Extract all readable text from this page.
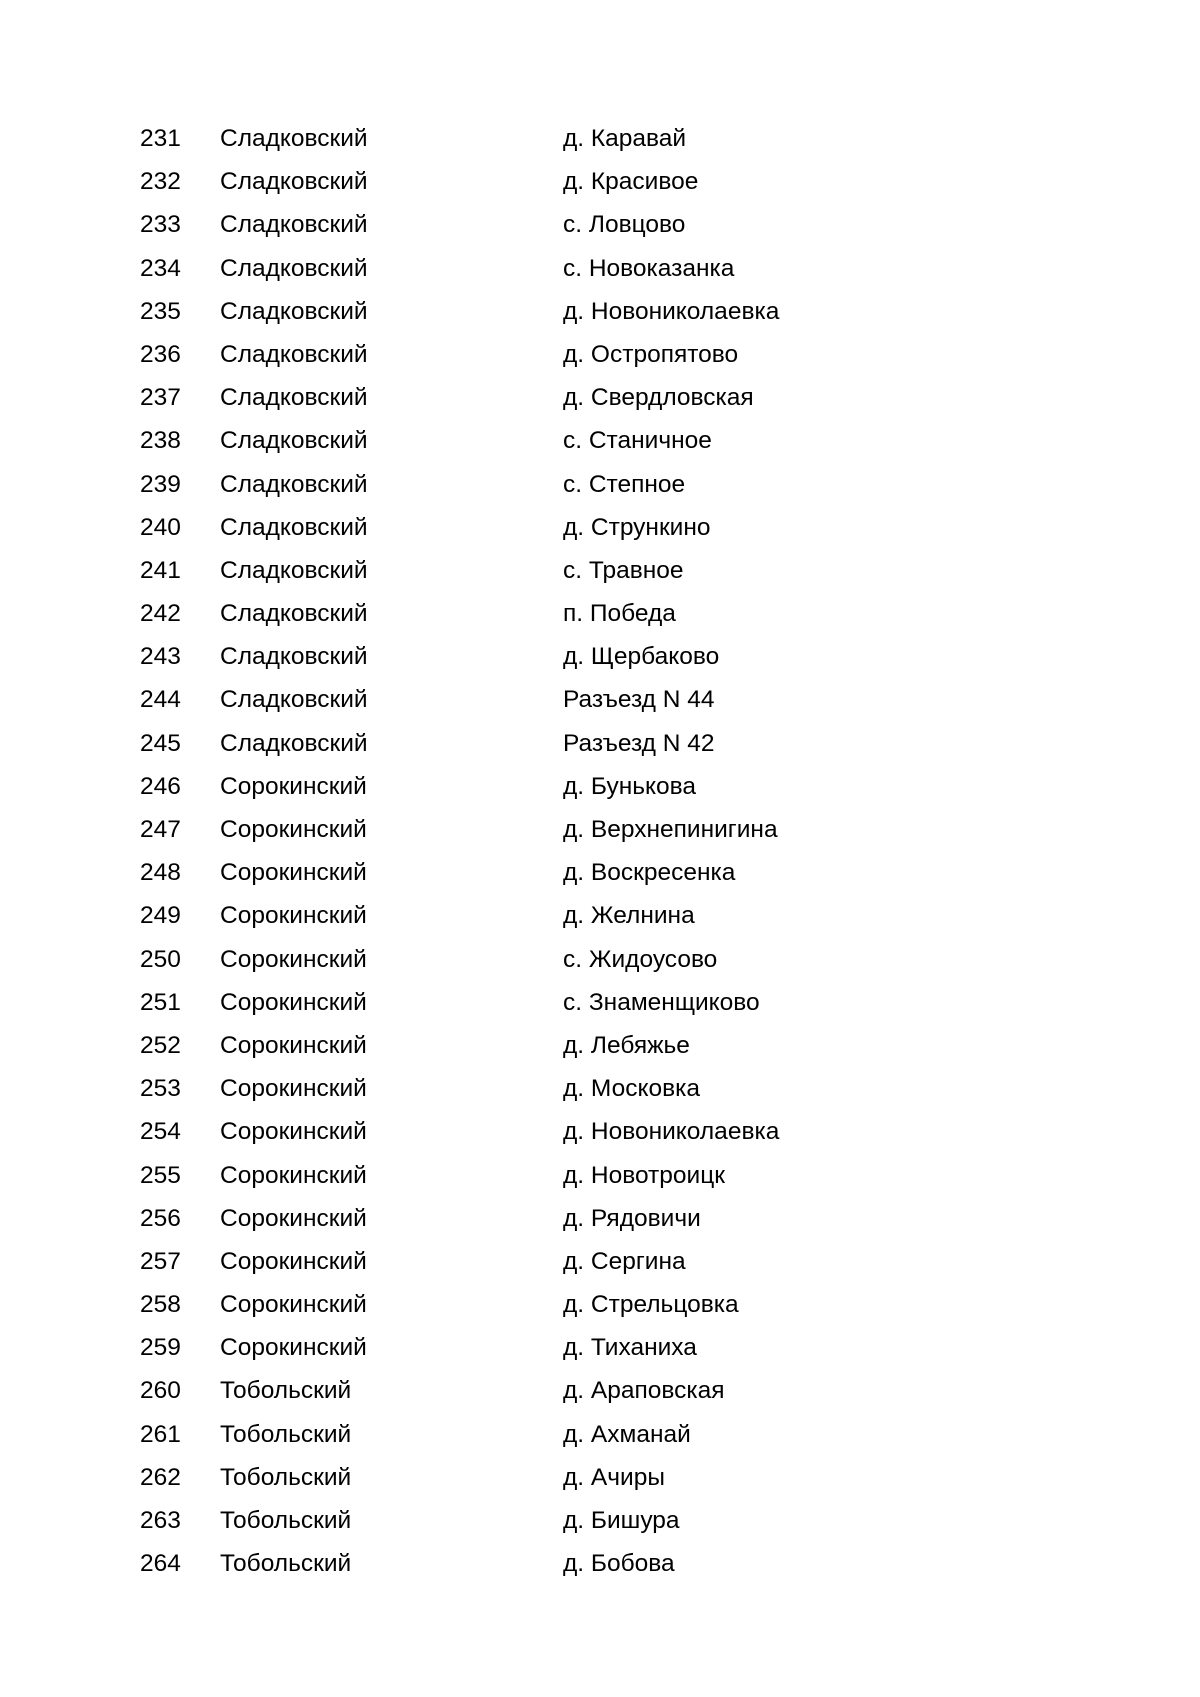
231 Сладковский	д. Каравай
232 Сладковский	д. Красивое
233 Сладковский	с. Ловцово
234 Сладковский	с. Новоказанка
235 Сладковский	д. Новониколаевка
236 Сладковский	д. Остропятово
237 Сладковский	д. Свердловская
238 Сладковский	с. Станичное
239 Сладковский	с. Степное
240 Сладковский	д. Стрункино
241 Сладковский	с. Травное
242 Сладковский	п. Победа
243 Сладковский	д. Щербаково
244 Сладковский	Разъезд N 44
245 Сладковский	Разъезд N 42
246 Сорокинский	д. Бунькова
247 Сорокинский	д. Верхнепинигина
248 Сорокинский	д. Воскресенка
249 Сорокинский	д. Желнина
250 Сорокинский	с. Жидоусово
251 Сорокинский	с. Знаменщиково
252 Сорокинский	д. Лебяжье
253 Сорокинский	д. Московка
254 Сорокинский	д. Новониколаевка
255 Сорокинский	д. Новотроицк
256 Сорокинский	д. Рядовичи
257 Сорокинский	д. Сергина
258 Сорокинский	д. Стрельцовка
259 Сорокинский	д. Тиханиха
260 Тобольский	д. Араповская
261 Тобольский	д. Ахманай
262 Тобольский	д. Ачиры
263 Тобольский	д. Бишура
264 Тобольский	д. Бобова
